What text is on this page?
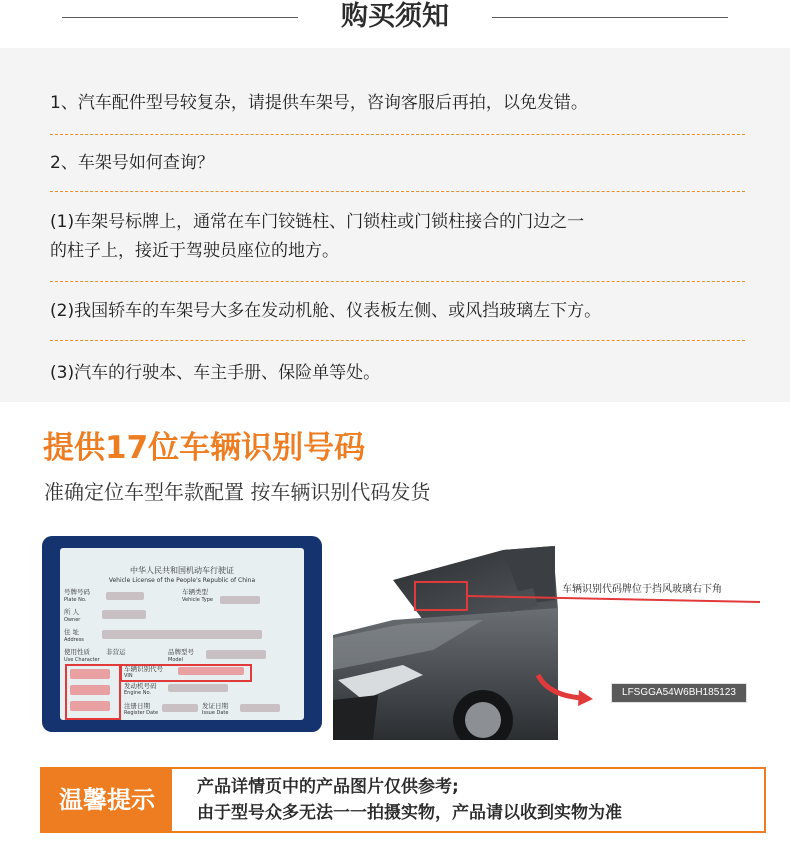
购买须知
1、汽车配件型号较复杂，请提供车架号，咨询客服后再拍，以免发错。
2、车架号如何查询？
(1)车架号标牌上，通常在车门铰链柱、门锁柱或门锁柱接合的门边之一
的柱子上，接近于驾驶员座位的地方。
(2)我国轿车的车架号大多在发动机舱、仪表板左侧、或风挡玻璃左下方。
(3)汽车的行驶本、车主手册、保险单等处。
提供17位车辆识别号码
准确定位车型年款配置 按车辆识别代码发货
中华人民共和国机动车行驶证
Vehicle License of the People's Republic of China
号牌号码
Plate No.
车辆类型
Vehicle Type
所 人
Owner
住 址
Address
使用性质
Use Character
非营运	品牌型号
Model
车辆识别代号
VIN
发动机号码
Engine No.
注册日期
Register Date
发证日期
Issue Date
车辆识别代码牌位于挡风玻璃右下角
LFSGGA54W6BH185123
温馨提示	产品详情页中的产品图片仅供参考;
由于型号众多无法一一拍摄实物，产品请以收到实物为准
